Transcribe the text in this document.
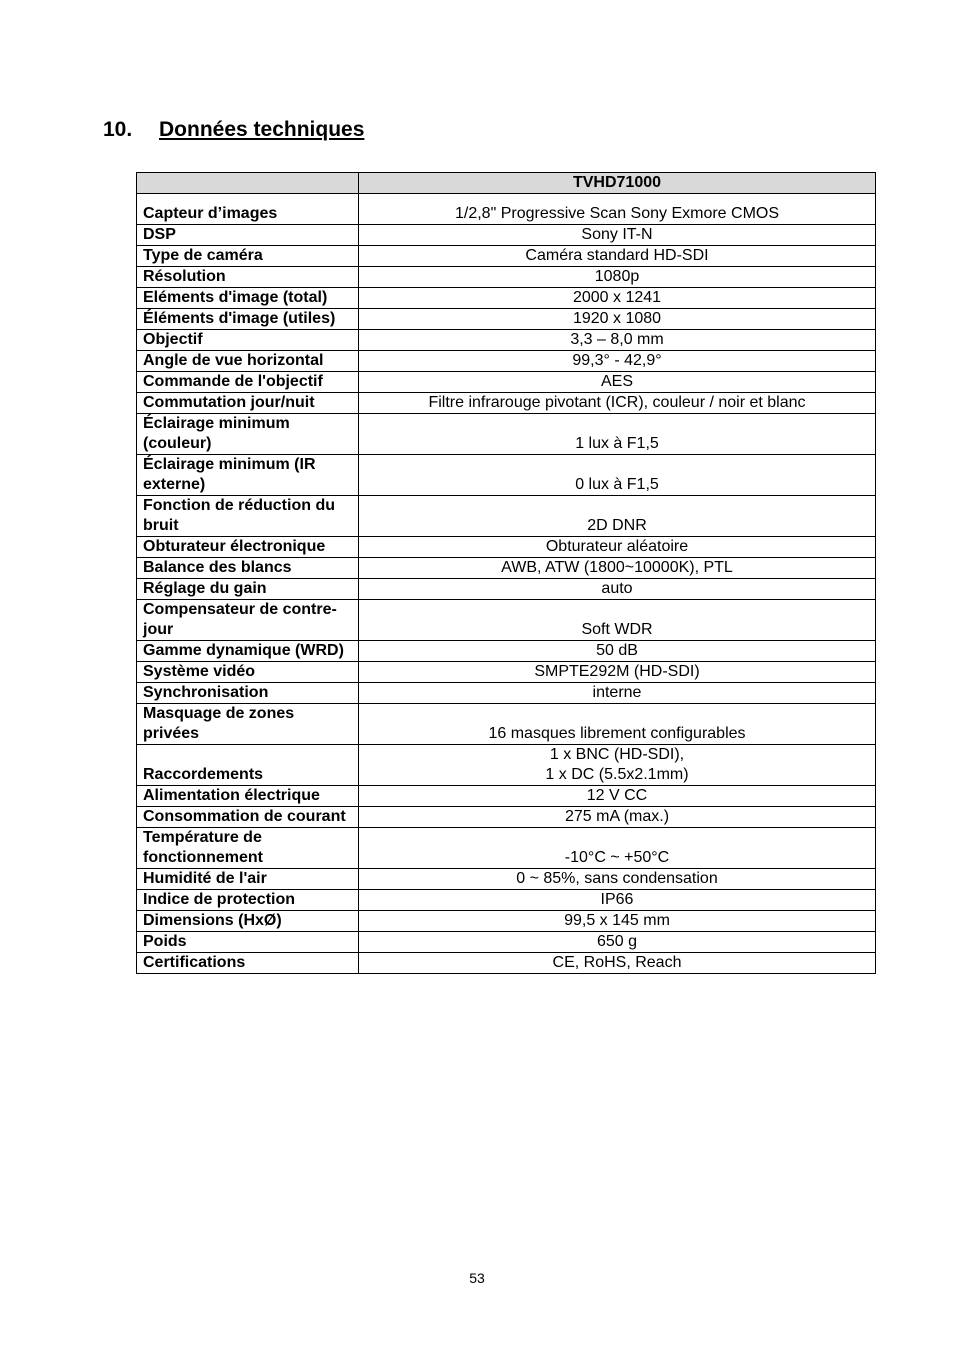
10. Données techniques
	TVHD71000
Capteur d’images	1/2,8" Progressive Scan Sony Exmore CMOS
DSP	Sony IT-N
Type de caméra	Caméra standard HD-SDI
Résolution	1080p
Eléments d'image (total)	2000 x 1241
Éléments d'image (utiles)	1920 x 1080
Objectif	3,3 – 8,0 mm
Angle de vue horizontal	99,3° - 42,9°
Commande de l'objectif	AES
Commutation jour/nuit	Filtre infrarouge pivotant (ICR), couleur / noir et blanc
Éclairage minimum (couleur)	1 lux à F1,5
Éclairage minimum (IR externe)	0 lux à F1,5
Fonction de réduction du bruit	2D DNR
Obturateur électronique	Obturateur aléatoire
Balance des blancs	AWB, ATW (1800~10000K), PTL
Réglage du gain	auto
Compensateur de contre-jour	Soft WDR
Gamme dynamique (WRD)	50 dB
Système vidéo	SMPTE292M (HD-SDI)
Synchronisation	interne
Masquage de zones privées	16 masques librement configurables
Raccordements	1 x BNC (HD-SDI),
1 x DC (5.5x2.1mm)

Alimentation électrique	12 V CC
Consommation de courant	275 mA (max.)
Température de fonctionnement	-10°C ~ +50°C
Humidité de l'air	0 ~ 85%, sans condensation
Indice de protection	IP66
Dimensions (HxØ)	99,5 x 145 mm
Poids	650 g
Certifications	CE, RoHS, Reach
53
